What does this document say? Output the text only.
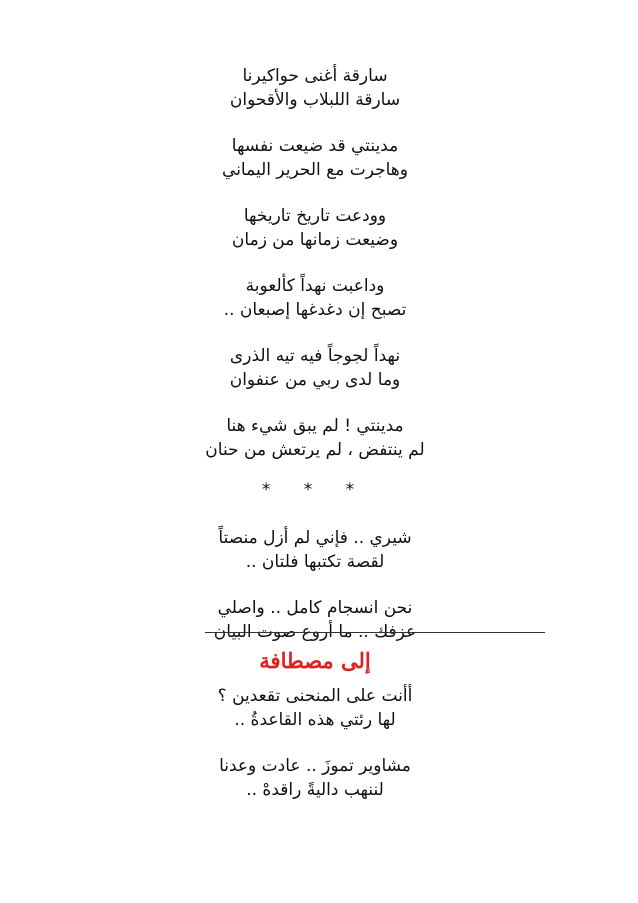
سارقة أغنى حواكيرنا
سارقة اللبلاب والأقحوان
مدينتي قد ضيعت نفسها
وهاجرت مع الحرير اليماني
وودعت تاريخ تاريخها
وضيعت زمانها من زمان
وداعبت نهداً كألعوبة
تصبح إن دغدغها إصبعان ..
نهداً لجوجاً فيه تيه الذرى
وما لدى ربي من عنفوان
مدينتي ! لم يبق شيء هنا
لم ينتفض ، لم يرتعش من حنان
* * *
شيري .. فإني لم أزل منصتاً
لقصة تكتبها فلتان ..
نحن انسجام كامل .. واصلي
عزفك .. ما أروع صوت البيان
إلى مصطافة
أأنت على المنحنى تقعدين ؟
لها رئتي هذه القاعدةُ ..
مشاوير تموزَ .. عادت وعدنا
لننهب داليةً راقدهْ ..
